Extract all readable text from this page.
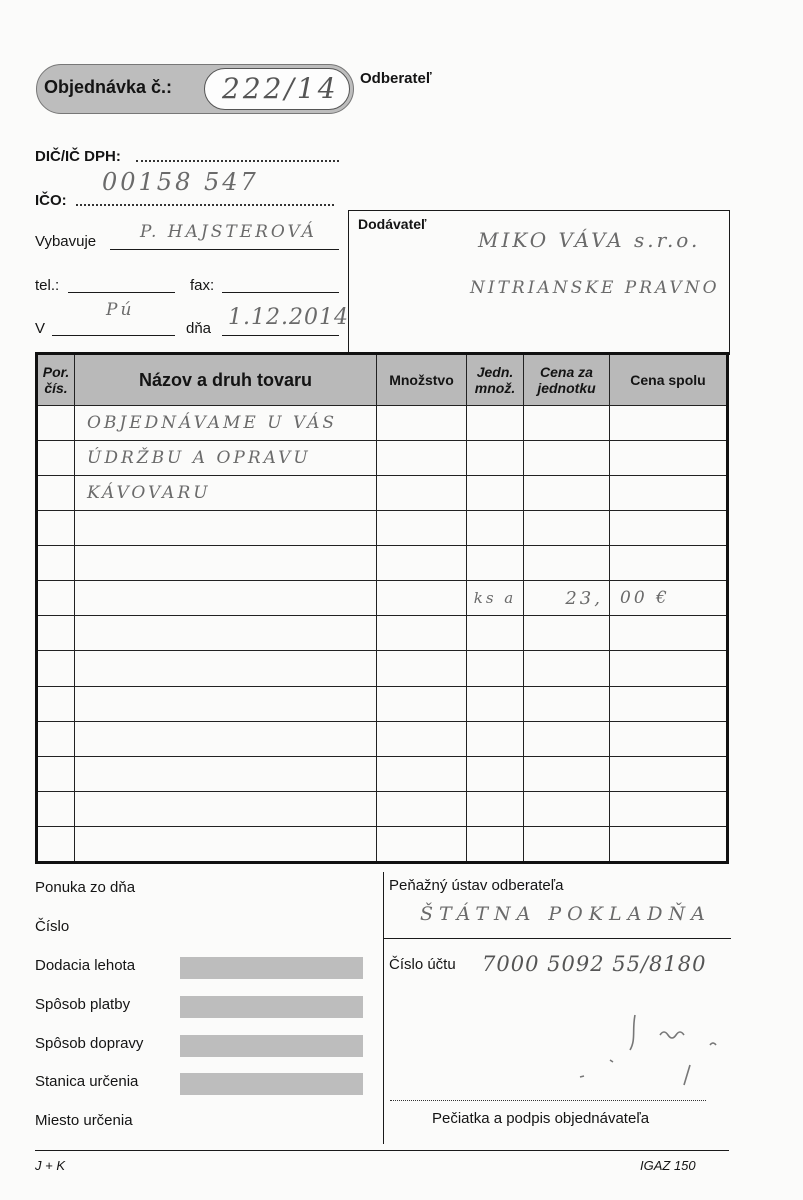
Objednávka č.: 222/14 Odberateľ
DIČ/IČ DPH:
00158 547
IČO:
Vybavuje	P. HAJSTEROVÁ
tel.:	fax:
V
Pú
dňa 1.12.2014
Dodávateľ
MIKO VÁVA s.r.o.
NITRIANSKE PRAVNO
Por. čís.	Názov a druh tovaru	Množstvo	Jedn. množ.	Cena za jednotku	Cena spolu
	OBJEDNÁVAME U VÁS				
	ÚDRŽBU A OPRAVU				
	KÁVOVARU				

			ks a	23,	00 €

Ponuka zo dňa
Číslo
Dodacia lehota
Spôsob platby
Spôsob dopravy
Stanica určenia
Miesto určenia
Peňažný ústav odberateľa
ŠTÁTNA POKLADŇA
Číslo účtu 7000 5092 55/8180
Pečiatka a podpis objednávateľa
J + K	IGAZ 150
